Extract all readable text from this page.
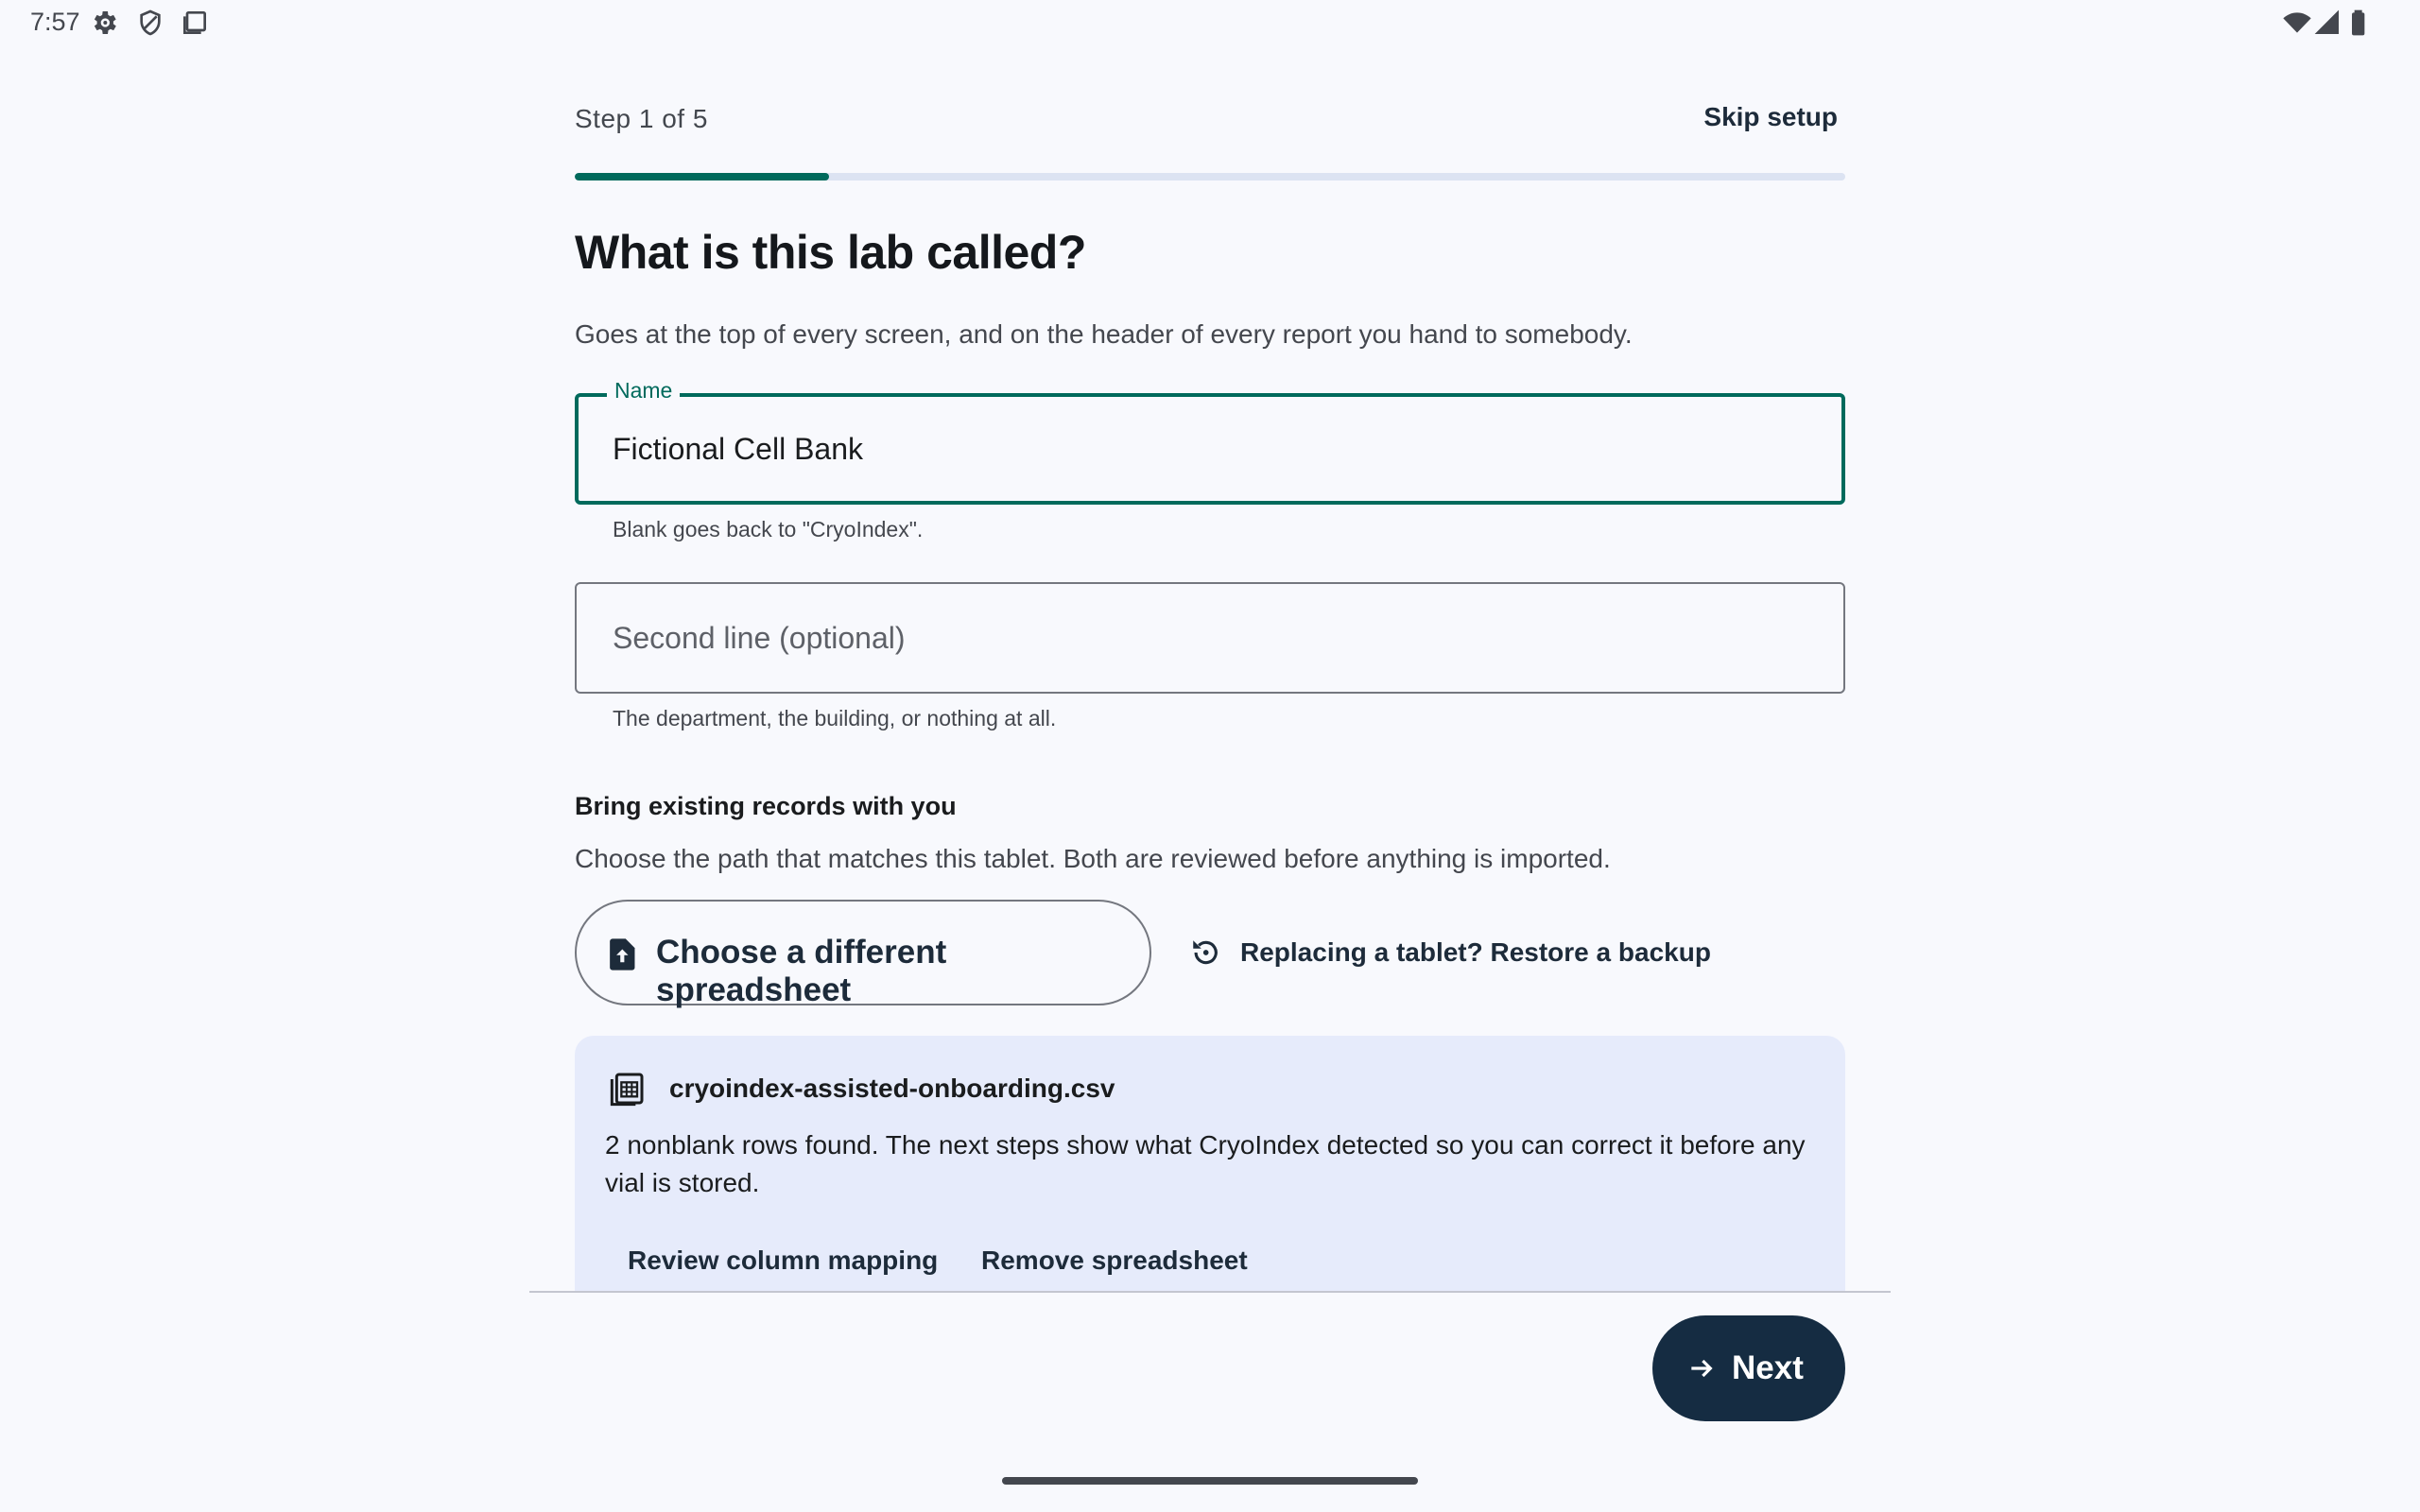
7:57
Step 1 of 5	Skip setup
What is this lab called?
Goes at the top of every screen, and on the header of every report you hand to somebody.
Name
Fictional Cell Bank
Blank goes back to "CryoIndex".
Second line (optional)
The department, the building, or nothing at all.
Bring existing records with you
Choose the path that matches this tablet. Both are reviewed before anything is imported.
Choose a different spreadsheet
Replacing a tablet? Restore a backup
cryoindex-assisted-onboarding.csv
2 nonblank rows found. The next steps show what CryoIndex detected so you can correct it before any vial is stored.
Review column mapping Remove spreadsheet
Next
